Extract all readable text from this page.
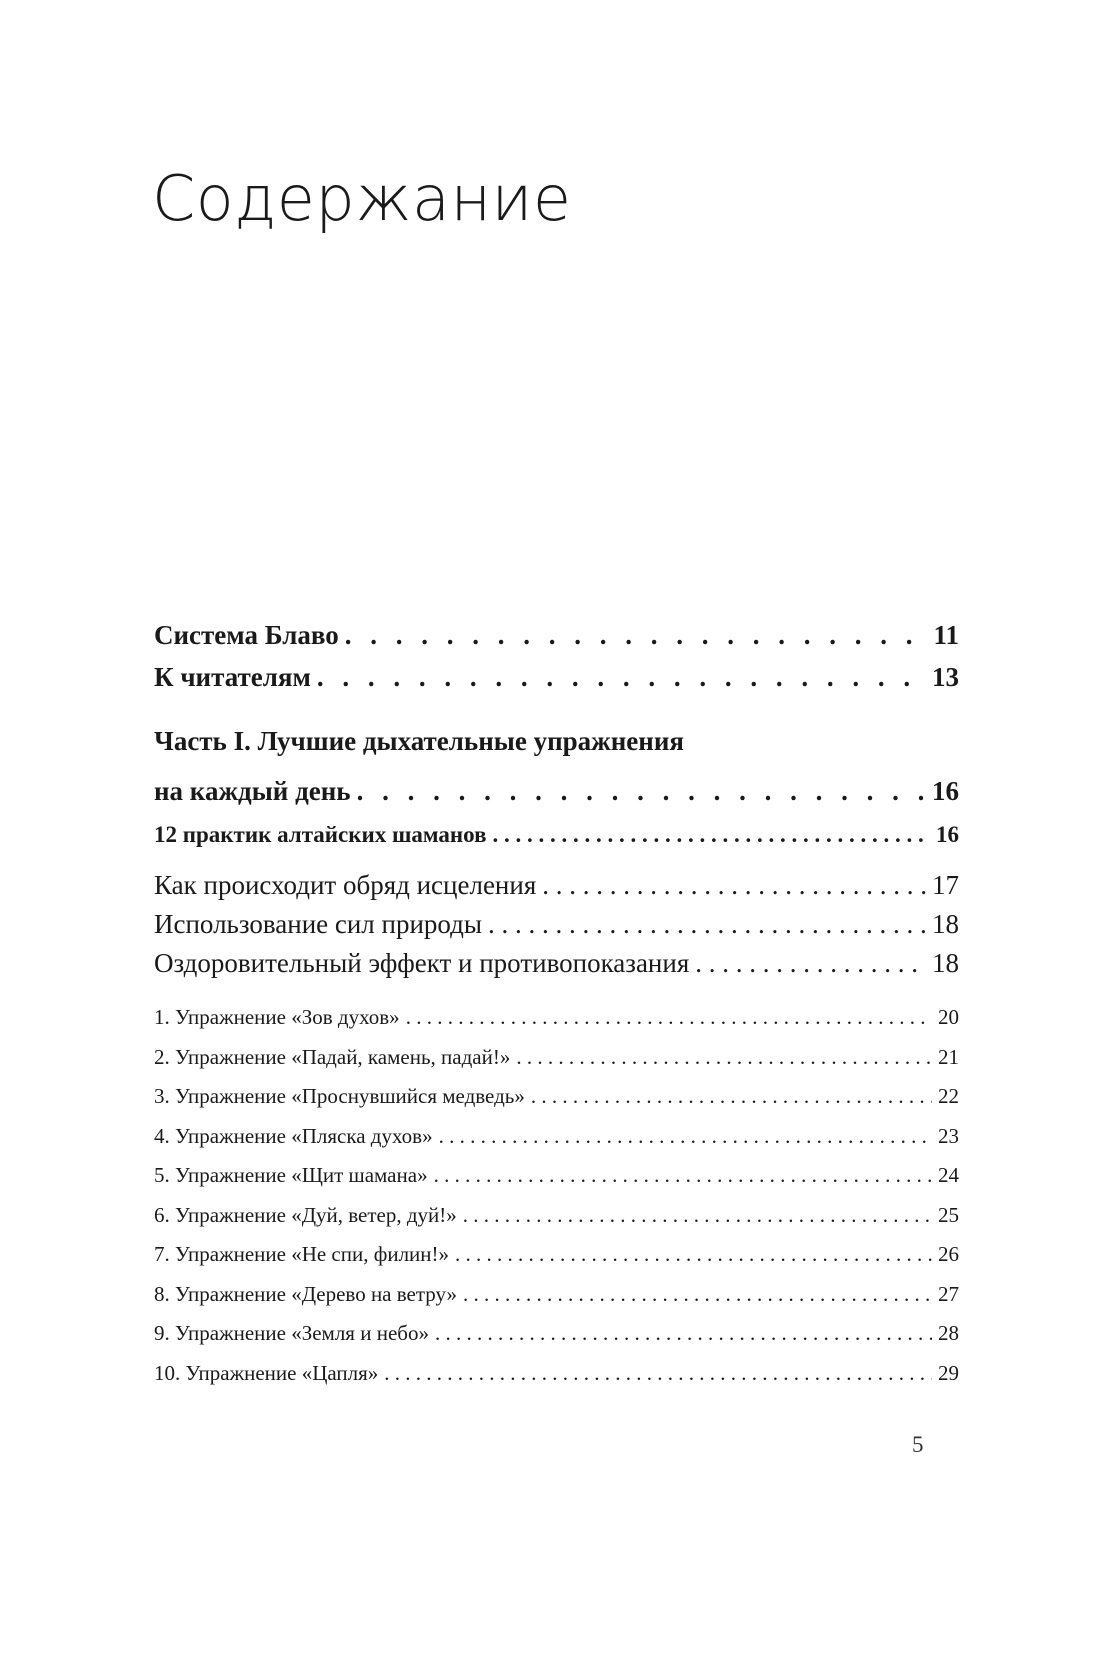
Содержание
Система Блаво . . .	11
К читателям . . .	13
Часть I. Лучшие дыхательные упражнения
на каждый день . . .	16
12 практик алтайских шаманов . . .	16
Как происходит обряд исцеления . . .	17
Использование сил природы . . .	18
Оздоровительный эффект и противопоказания . . .	18
1. Упражнение «Зов духов» . . .	20
2. Упражнение «Падай, камень, падай!» . . .	21
3. Упражнение «Проснувшийся медведь» . . .	22
4. Упражнение «Пляска духов» . . .	23
5. Упражнение «Щит шамана» . . .	24
6. Упражнение «Дуй, ветер, дуй!» . . .	25
7. Упражнение «Не спи, филин!» . . .	26
8. Упражнение «Дерево на ветру» . . .	27
9. Упражнение «Земля и небо» . . .	28
10. Упражнение «Цапля» . . .	29
5
